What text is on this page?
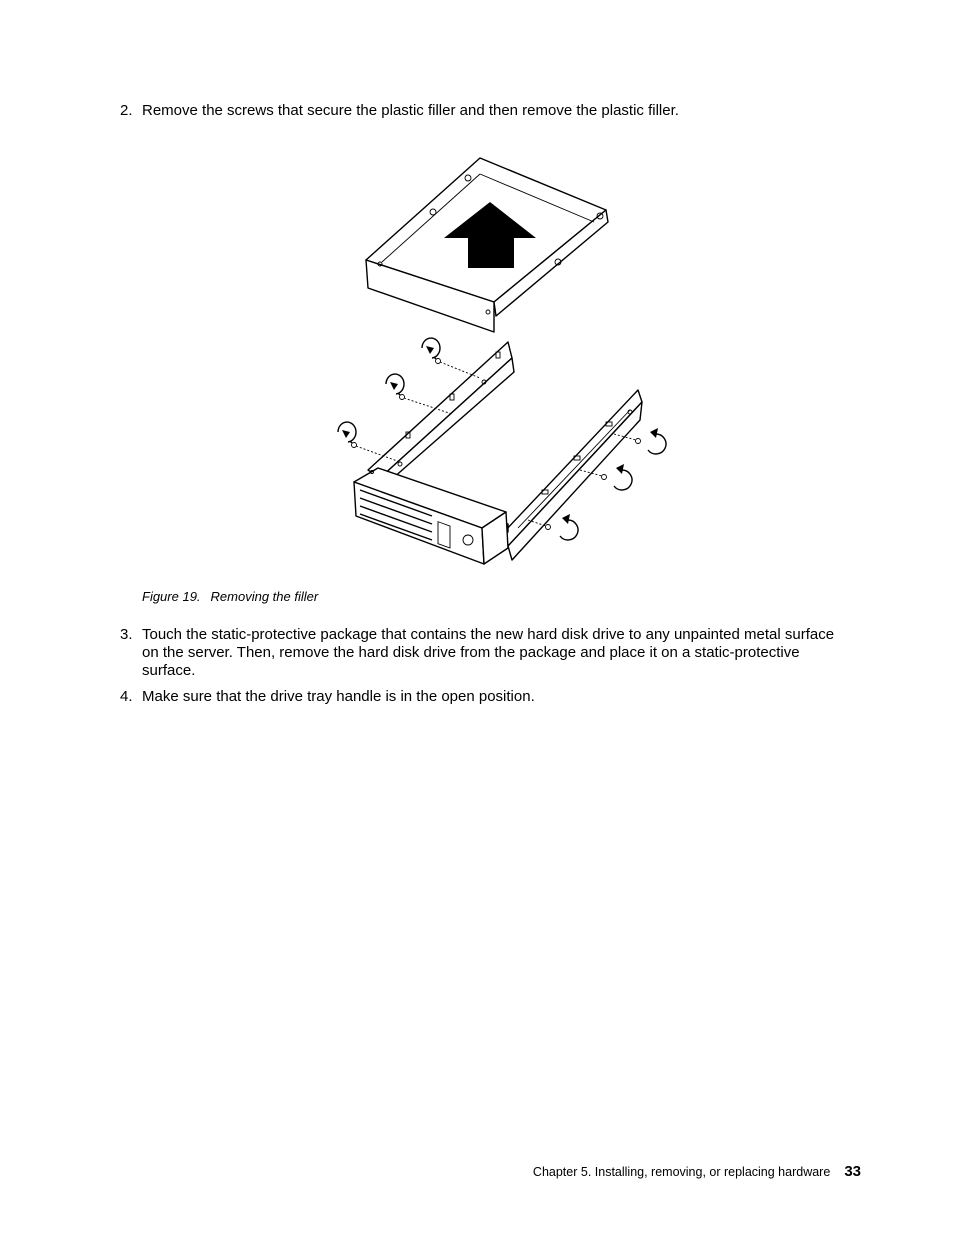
2. Remove the screws that secure the plastic filler and then remove the plastic filler.
Figure 19. Removing the filler
3. Touch the static-protective package that contains the new hard disk drive to any unpainted metal surface on the server. Then, remove the hard disk drive from the package and place it on a static-protective surface.
4. Make sure that the drive tray handle is in the open position.
Chapter 5. Installing, removing, or replacing hardware 33
